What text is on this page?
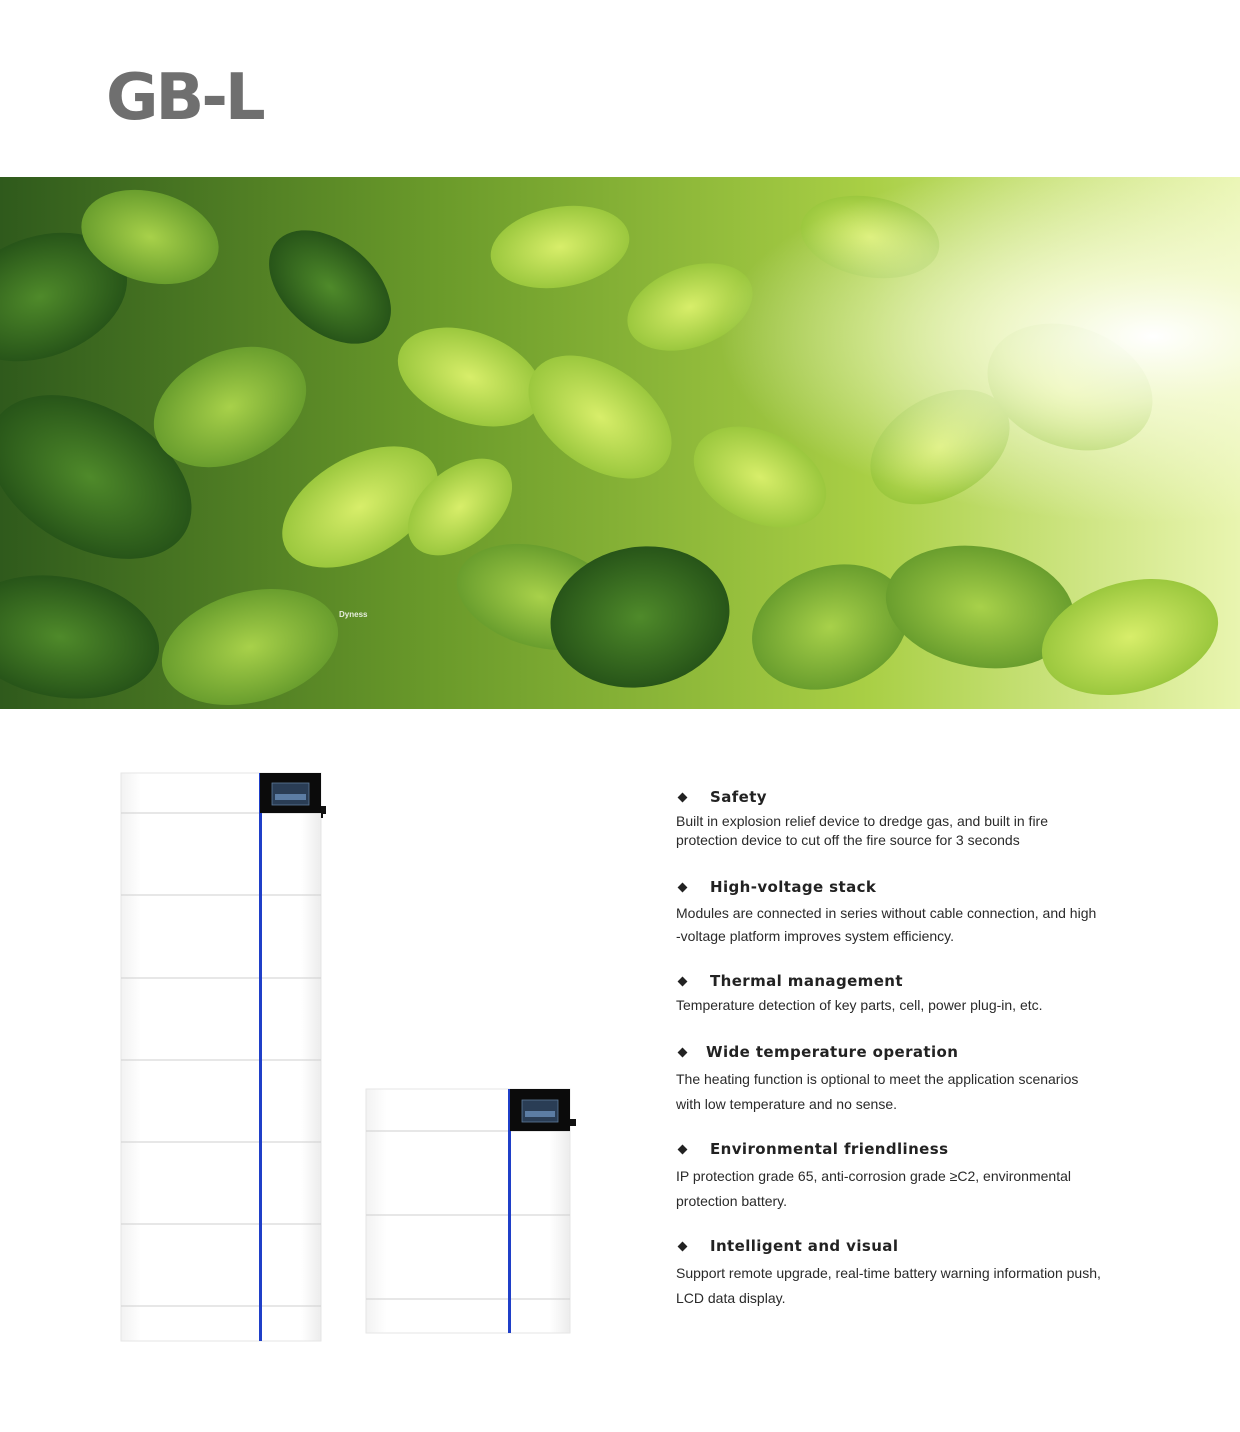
GB-L
Dyness
Safety
Built in explosion relief device to dredge gas, and built in fire
protection device to cut off the fire source for 3 seconds
High-voltage stack
Modules are connected in series without cable connection, and high
-voltage platform improves system efficiency.
Thermal management
Temperature detection of key parts, cell, power plug-in, etc.
Wide temperature operation
The heating function is optional to meet the application scenarios
with low temperature and no sense.
Environmental friendliness
IP protection grade 65, anti-corrosion grade ≥C2, environmental
protection battery.
Intelligent and visual
Support remote upgrade, real-time battery warning information push,
LCD data display.
